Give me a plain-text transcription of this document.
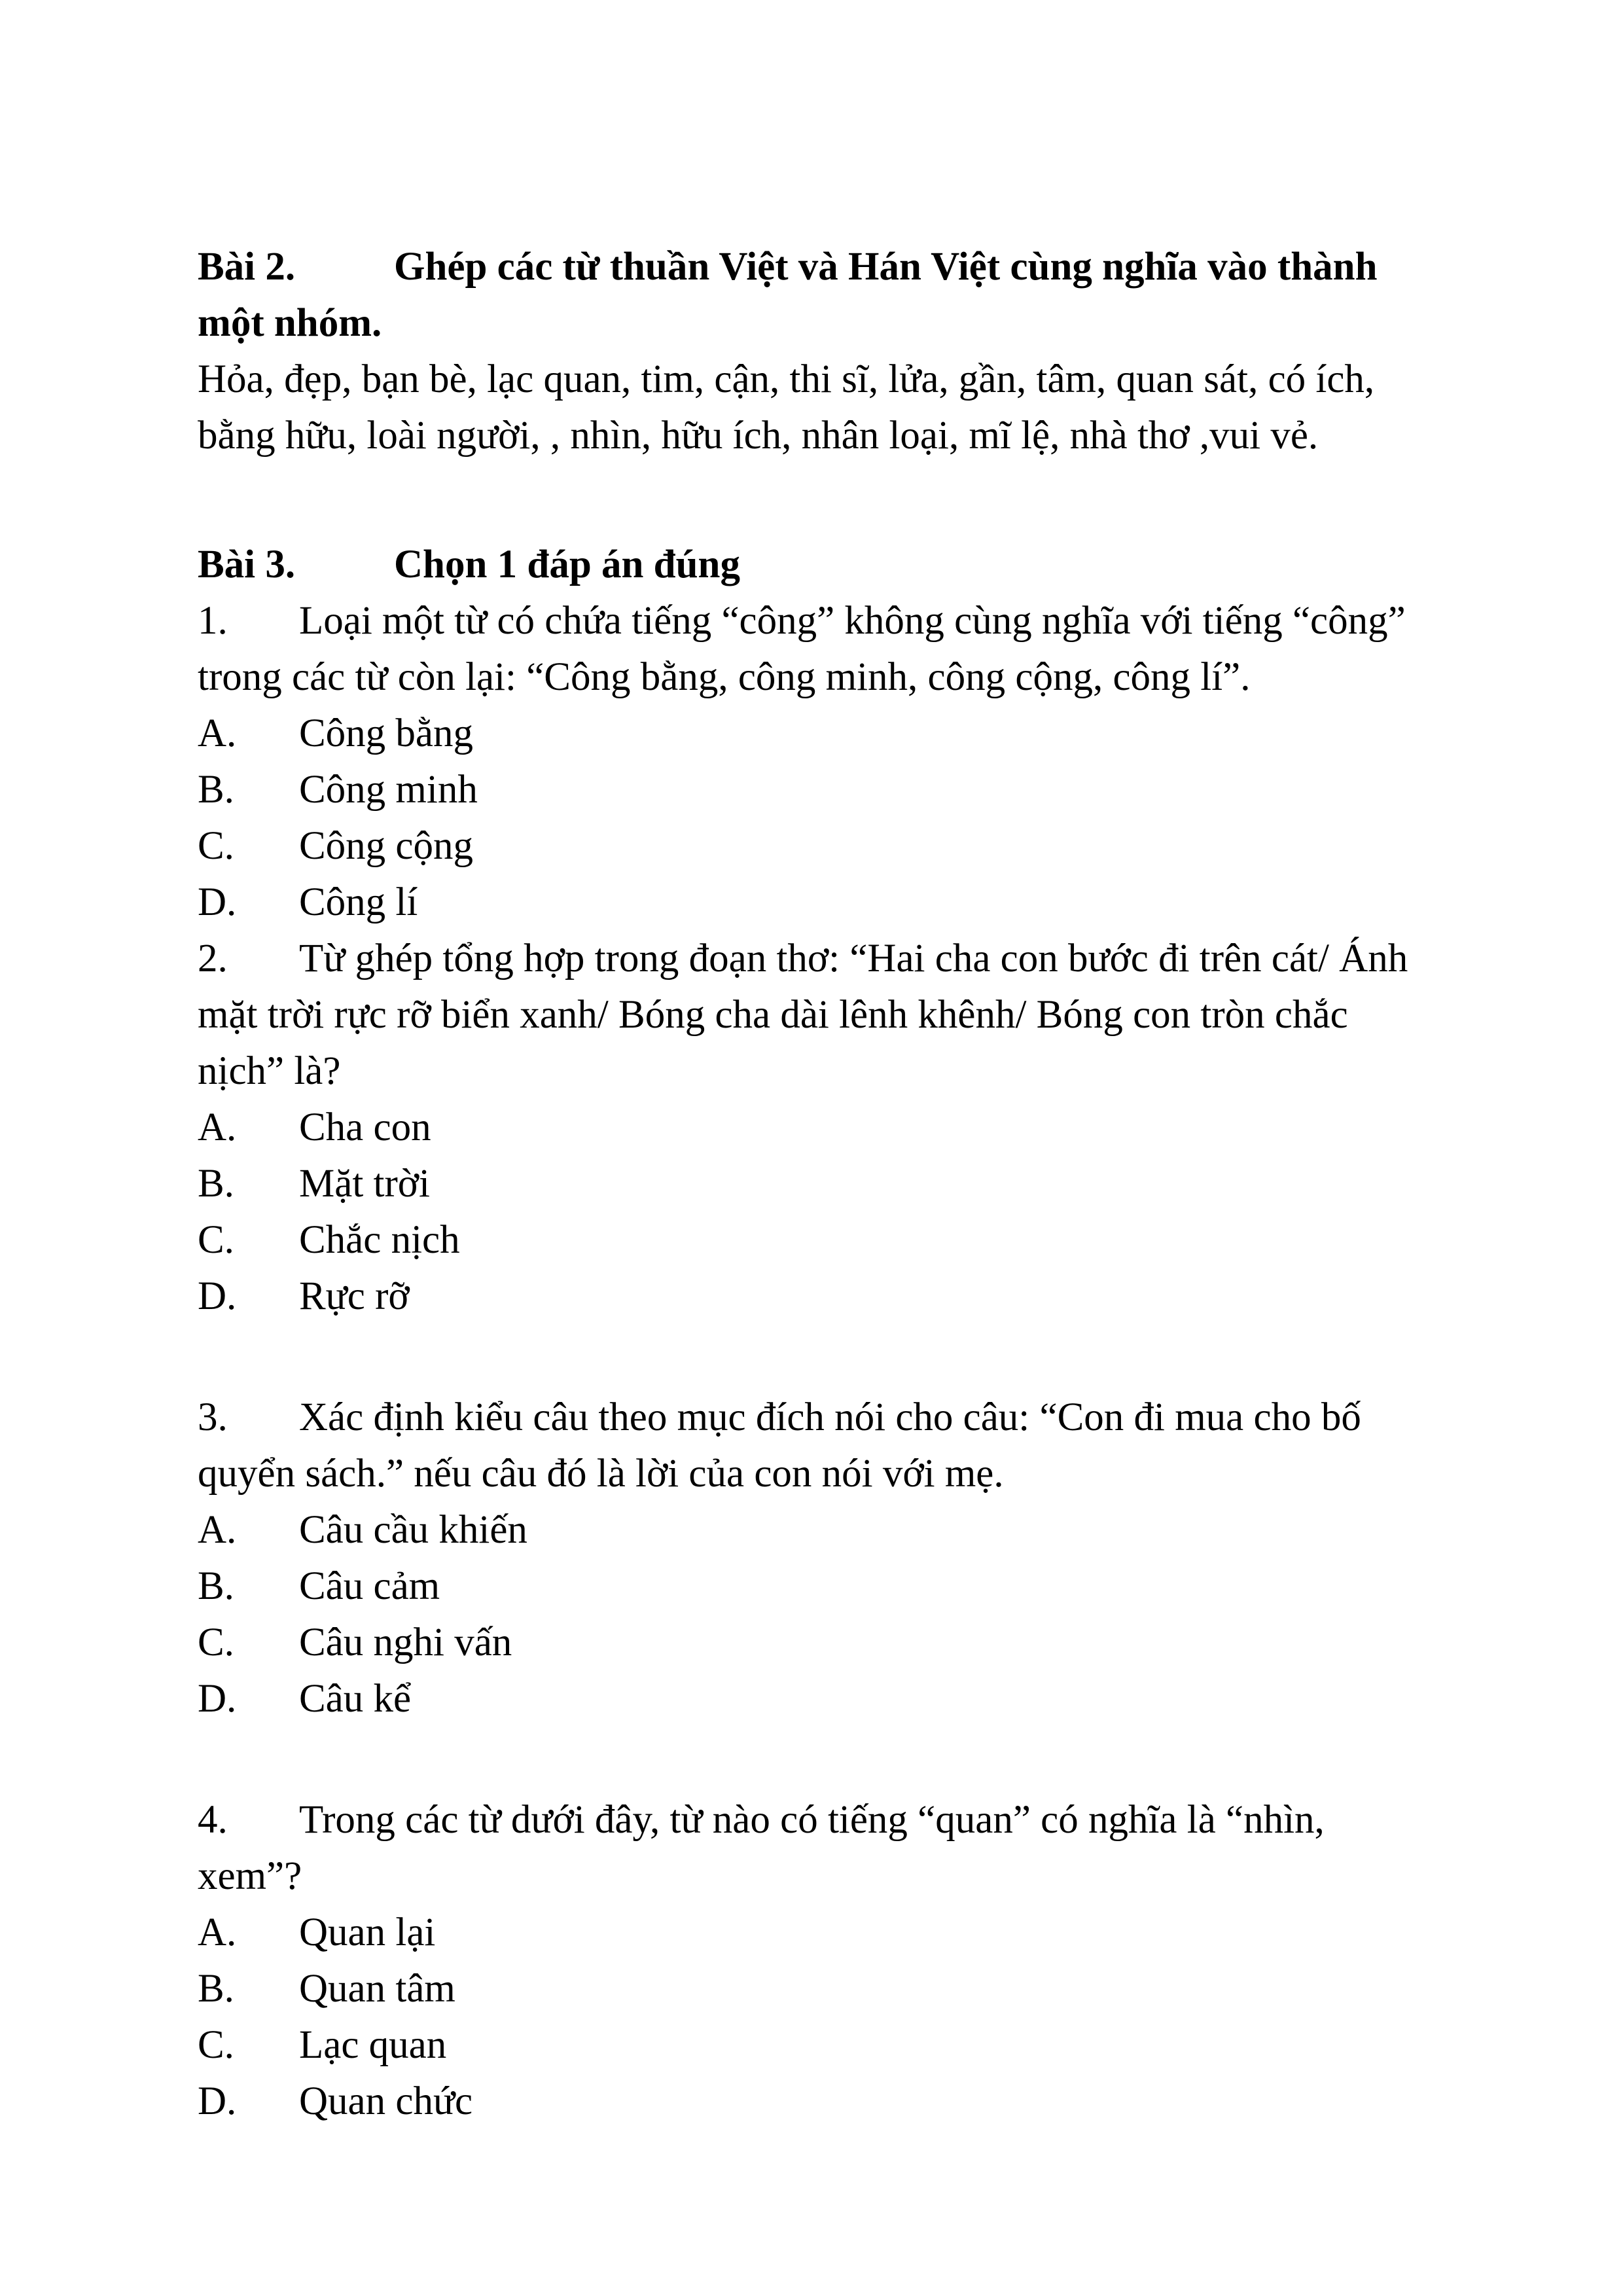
Bài 2. Ghép các từ thuần Việt và Hán Việt cùng nghĩa vào thành một nhóm.

Hỏa, đẹp, bạn bè, lạc quan, tim, cận, thi sĩ, lửa, gần, tâm, quan sát, có ích, bằng hữu, loài người, , nhìn, hữu ích, nhân loại, mĩ lệ, nhà thơ ,vui vẻ.

Bài 3. Chọn 1 đáp án đúng

1. Loại một từ có chứa tiếng “công” không cùng nghĩa với tiếng “công” trong các từ còn lại: “Công bằng, công minh, công cộng, công lí”.

A. Công bằng

B. Công minh

C. Công cộng

D. Công lí

2. Từ ghép tổng hợp trong đoạn thơ: “Hai cha con bước đi trên cát/ Ánh mặt trời rực rỡ biển xanh/ Bóng cha dài lênh khênh/ Bóng con tròn chắc nịch” là?

A. Cha con

B. Mặt trời

C. Chắc nịch

D. Rực rỡ

3. Xác định kiểu câu theo mục đích nói cho câu: “Con đi mua cho bố quyển sách.” nếu câu đó là lời của con nói với mẹ.

A. Câu cầu khiến

B. Câu cảm

C. Câu nghi vấn

D. Câu kể

4. Trong các từ dưới đây, từ nào có tiếng “quan” có nghĩa là “nhìn, xem”?

A. Quan lại

B. Quan tâm

C. Lạc quan

D. Quan chức
